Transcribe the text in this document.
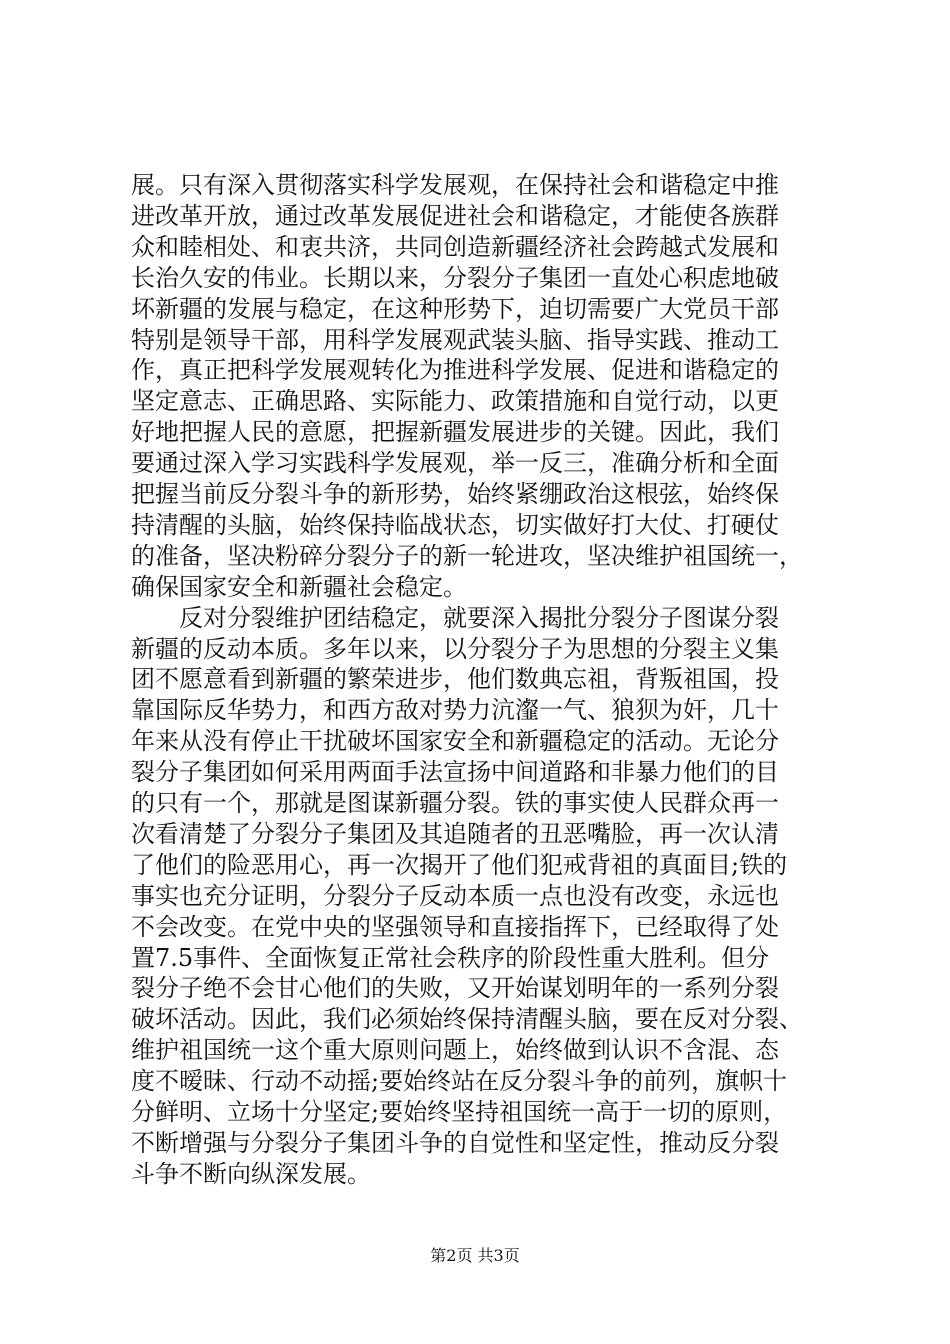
展。只有深入贯彻落实科学发展观，在保持社会和谐稳定中推
进改革开放，通过改革发展促进社会和谐稳定，才能使各族群
众和睦相处、和衷共济，共同创造新疆经济社会跨越式发展和
长治久安的伟业。长期以来，分裂分子集团一直处心积虑地破
坏新疆的发展与稳定，在这种形势下，迫切需要广大党员干部
特别是领导干部，用科学发展观武装头脑、指导实践、推动工
作，真正把科学发展观转化为推进科学发展、促进和谐稳定的
坚定意志、正确思路、实际能力、政策措施和自觉行动，以更
好地把握人民的意愿，把握新疆发展进步的关键。因此，我们
要通过深入学习实践科学发展观，举一反三，准确分析和全面
把握当前反分裂斗争的新形势，始终紧绷政治这根弦，始终保
持清醒的头脑，始终保持临战状态，切实做好打大仗、打硬仗
的准备，坚决粉碎分裂分子的新一轮进攻，坚决维护祖国统一，
确保国家安全和新疆社会稳定。
　　反对分裂维护团结稳定，就要深入揭批分裂分子图谋分裂
新疆的反动本质。多年以来，以分裂分子为思想的分裂主义集
团不愿意看到新疆的繁荣进步，他们数典忘祖，背叛祖国，投
靠国际反华势力，和西方敌对势力沆瀣一气、狼狈为奸，几十
年来从没有停止干扰破坏国家安全和新疆稳定的活动。无论分
裂分子集团如何采用两面手法宣扬中间道路和非暴力他们的目
的只有一个，那就是图谋新疆分裂。铁的事实使人民群众再一
次看清楚了分裂分子集团及其追随者的丑恶嘴脸，再一次认清
了他们的险恶用心，再一次揭开了他们犯戒背祖的真面目;铁的
事实也充分证明，分裂分子反动本质一点也没有改变，永远也
不会改变。在党中央的坚强领导和直接指挥下，已经取得了处
置7.5事件、全面恢复正常社会秩序的阶段性重大胜利。但分
裂分子绝不会甘心他们的失败，又开始谋划明年的一系列分裂
破坏活动。因此，我们必须始终保持清醒头脑，要在反对分裂、
维护祖国统一这个重大原则问题上，始终做到认识不含混、态
度不暧昧、行动不动摇;要始终站在反分裂斗争的前列，旗帜十
分鲜明、立场十分坚定;要始终坚持祖国统一高于一切的原则，
不断增强与分裂分子集团斗争的自觉性和坚定性，推动反分裂
斗争不断向纵深发展。
第2页 共3页
